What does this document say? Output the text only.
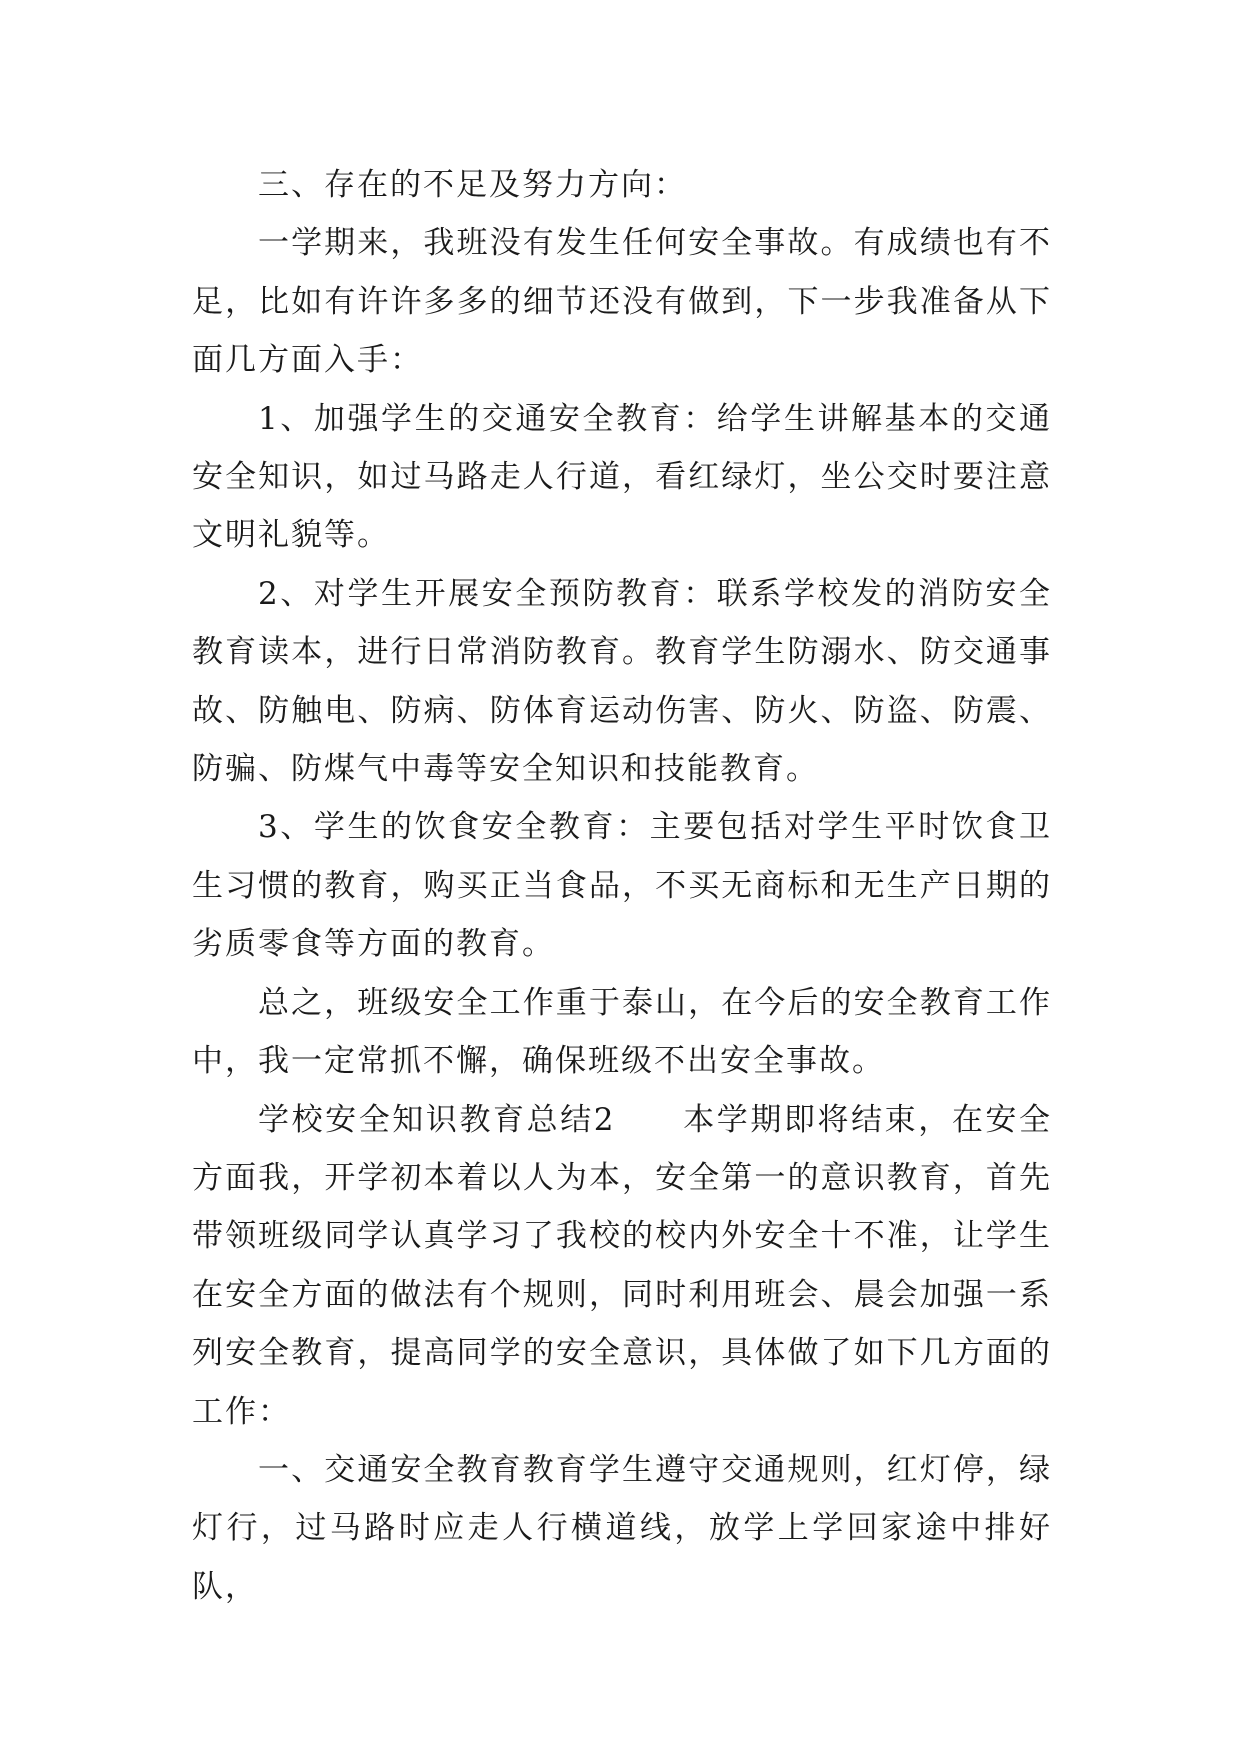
三、存在的不足及努力方向：

一学期来，我班没有发生任何安全事故。有成绩也有不足，比如有许许多多的细节还没有做到，下一步我准备从下面几方面入手：

1、加强学生的交通安全教育：给学生讲解基本的交通安全知识，如过马路走人行道，看红绿灯，坐公交时要注意文明礼貌等。

2、对学生开展安全预防教育：联系学校发的消防安全教育读本，进行日常消防教育。教育学生防溺水、防交通事故、防触电、防病、防体育运动伤害、防火、防盗、防震、防骗、防煤气中毒等安全知识和技能教育。

3、学生的饮食安全教育：主要包括对学生平时饮食卫生习惯的教育，购买正当食品，不买无商标和无生产日期的劣质零食等方面的教育。

总之，班级安全工作重于泰山，在今后的安全教育工作中，我一定常抓不懈，确保班级不出安全事故。

学校安全知识教育总结2　　本学期即将结束，在安全方面我，开学初本着以人为本，安全第一的意识教育，首先带领班级同学认真学习了我校的校内外安全十不准，让学生在安全方面的做法有个规则，同时利用班会、晨会加强一系列安全教育，提高同学的安全意识，具体做了如下几方面的工作：

一、交通安全教育教育学生遵守交通规则，红灯停，绿灯行，过马路时应走人行横道线，放学上学回家途中排好队，
